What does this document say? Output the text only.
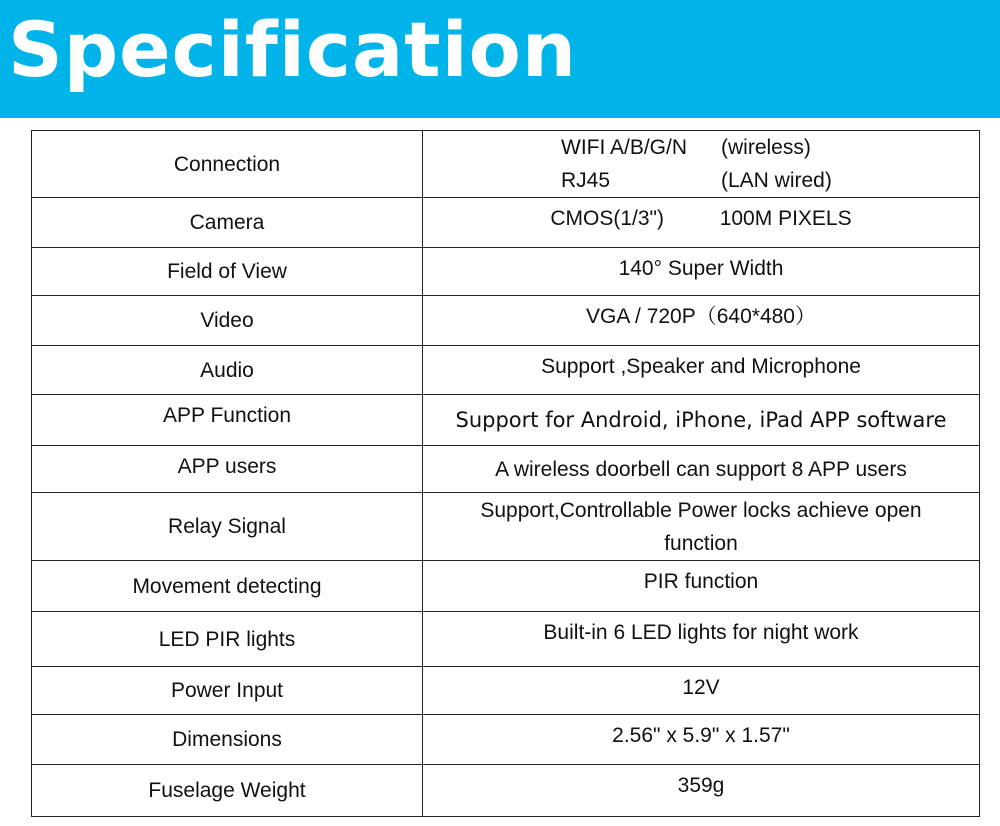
Specification
Connection	WIFI A/B/G/N (wireless)
RJ45 (LAN wired)

Camera	CMOS(1/3") 100M PIXELS
Field of View	140° Super Width
Video	VGA / 720P（640*480）
Audio	Support ,Speaker and Microphone
APP Function	Support for Android, iPhone, iPad APP software
APP users	A wireless doorbell can support 8 APP users
Relay Signal	Support,Controllable Power locks achieve open
function

Movement detecting	PIR function
LED PIR lights	Built-in 6 LED lights for night work
Power Input	12V
Dimensions	2.56" x 5.9" x 1.57"
Fuselage Weight	359g
